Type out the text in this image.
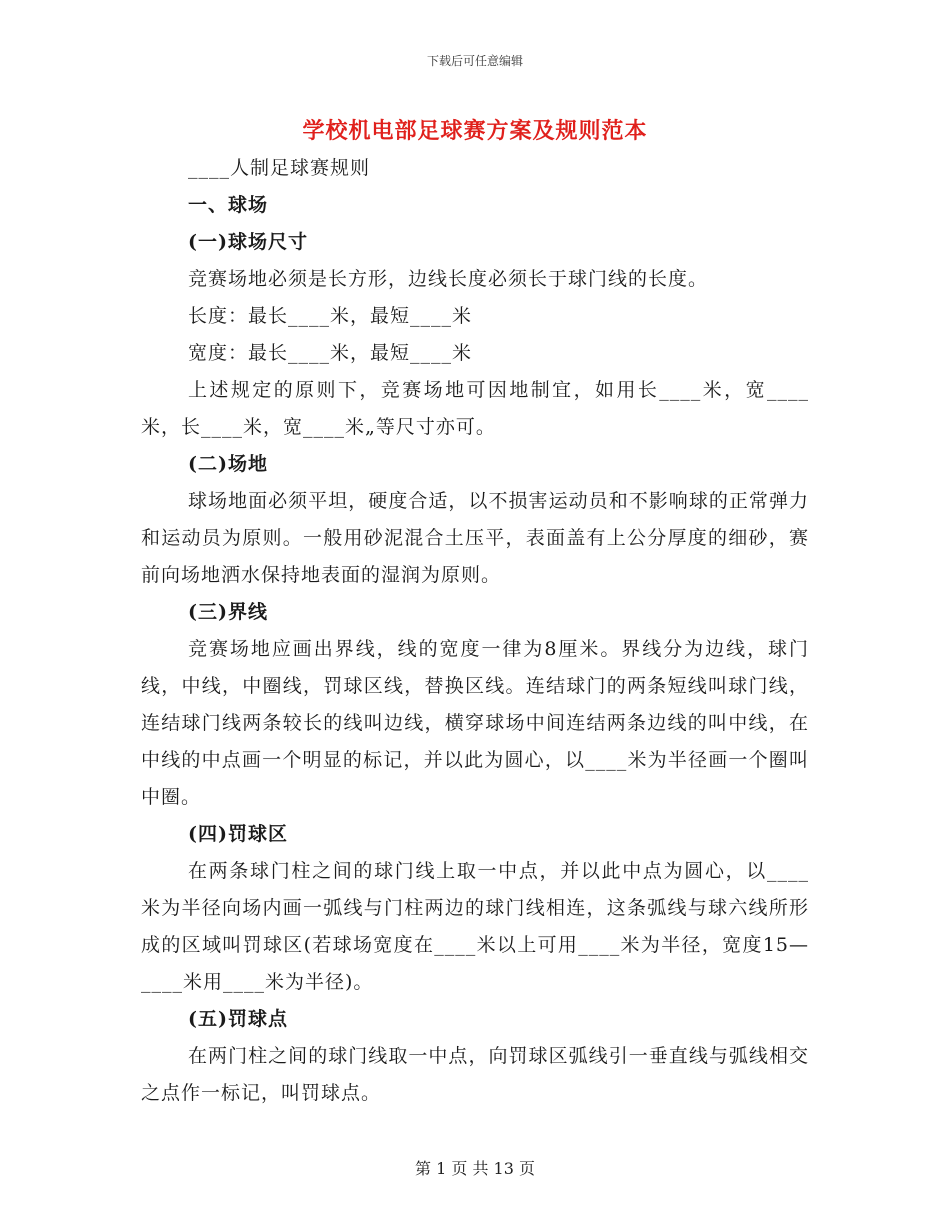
下载后可任意编辑
学校机电部足球赛方案及规则范本

____人制足球赛规则

一、球场

(一)球场尺寸

竞赛场地必须是长方形，边线长度必须长于球门线的长度。

长度：最长____米，最短____米

宽度：最长____米，最短____米

上述规定的原则下，竞赛场地可因地制宜，如用长____米，宽____米，长____米，宽____米„等尺寸亦可。

(二)场地

球场地面必须平坦，硬度合适，以不损害运动员和不影响球的正常弹力和运动员为原则。一般用砂泥混合土压平，表面盖有上公分厚度的细砂，赛前向场地洒水保持地表面的湿润为原则。

(三)界线

竞赛场地应画出界线，线的宽度一律为8厘米。界线分为边线，球门线，中线，中圈线，罚球区线，替换区线。连结球门的两条短线叫球门线，连结球门线两条较长的线叫边线，横穿球场中间连结两条边线的叫中线，在中线的中点画一个明显的标记，并以此为圆心，以____米为半径画一个圈叫中圈。

(四)罚球区

在两条球门柱之间的球门线上取一中点，并以此中点为圆心，以____米为半径向场内画一弧线与门柱两边的球门线相连，这条弧线与球六线所形成的区域叫罚球区(若球场宽度在____米以上可用____米为半径，宽度15—____米用____米为半径)。

(五)罚球点

在两门柱之间的球门线取一中点，向罚球区弧线引一垂直线与弧线相交之点作一标记，叫罚球点。

第 1 页 共 13 页
